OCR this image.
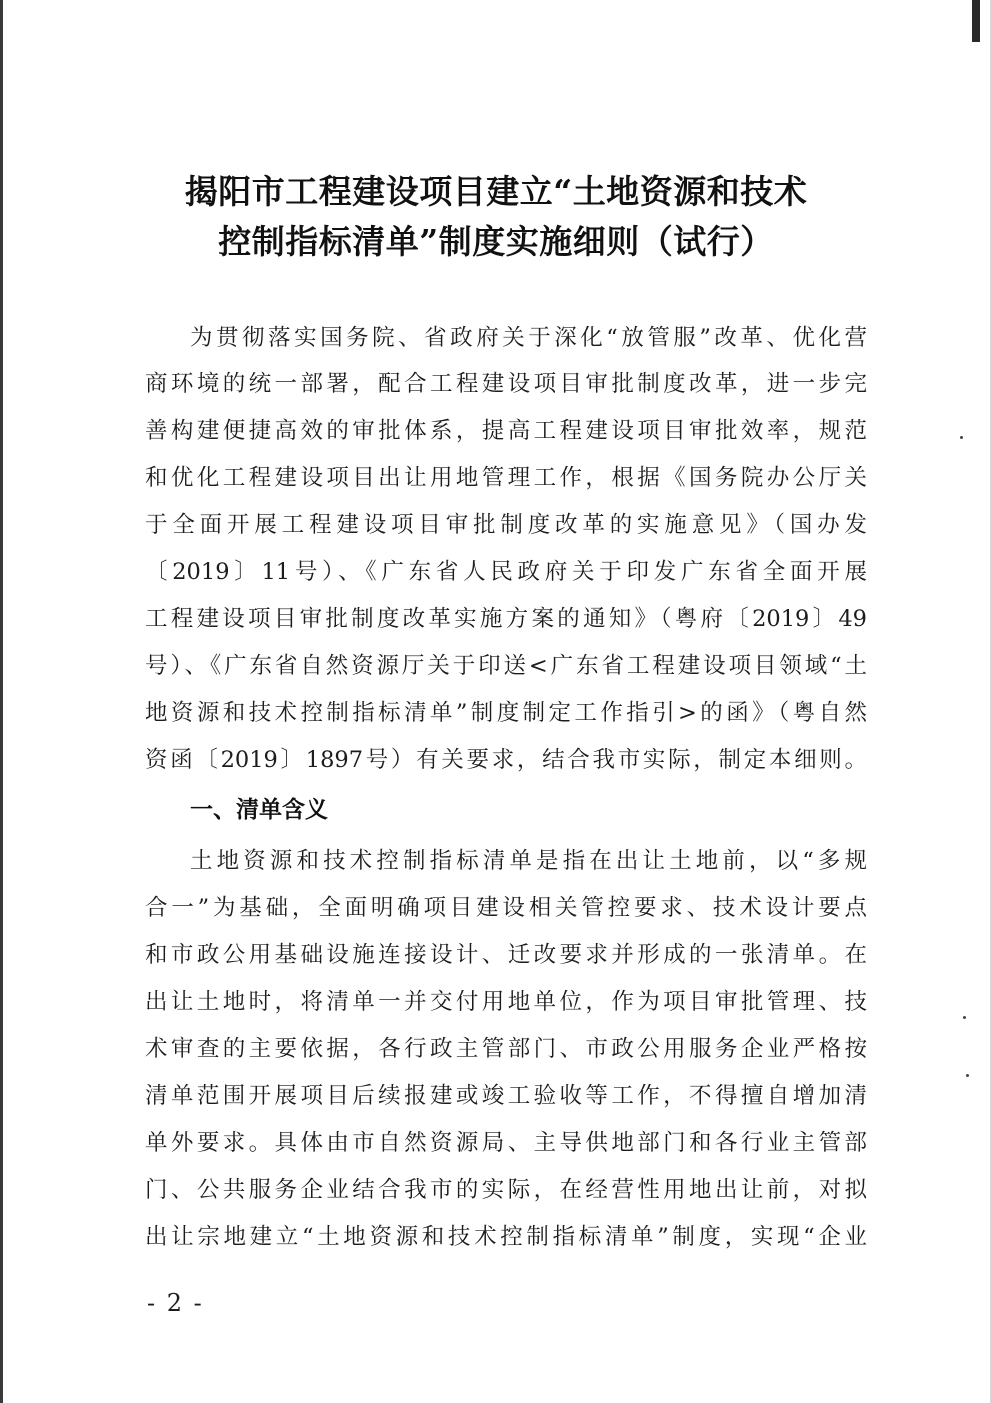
揭阳市工程建设项目建立“土地资源和技术
控制指标清单”制度实施细则（试行）
为贯彻落实国务院、省政府关于深化“放管服”改革、优化营
商环境的统一部署，配合工程建设项目审批制度改革，进一步完
善构建便捷高效的审批体系，提高工程建设项目审批效率，规范
和优化工程建设项目出让用地管理工作，根据《国务院办公厅关
于全面开展工程建设项目审批制度改革的实施意见》（国办发
〔2019〕11号）、《广东省人民政府关于印发广东省全面开展
工程建设项目审批制度改革实施方案的通知》（粤府〔2019〕49
号）、《广东省自然资源厅关于印送<广东省工程建设项目领域“土
地资源和技术控制指标清单”制度制定工作指引>的函》（粤自然
资函〔2019〕1897号）有关要求，结合我市实际，制定本细则。
一、清单含义
土地资源和技术控制指标清单是指在出让土地前，以“多规
合一”为基础，全面明确项目建设相关管控要求、技术设计要点
和市政公用基础设施连接设计、迁改要求并形成的一张清单。在
出让土地时，将清单一并交付用地单位，作为项目审批管理、技
术审查的主要依据，各行政主管部门、市政公用服务企业严格按
清单范围开展项目后续报建或竣工验收等工作，不得擅自增加清
单外要求。具体由市自然资源局、主导供地部门和各行业主管部
门、公共服务企业结合我市的实际，在经营性用地出让前，对拟
出让宗地建立“土地资源和技术控制指标清单”制度，实现“企业
- 2 -
